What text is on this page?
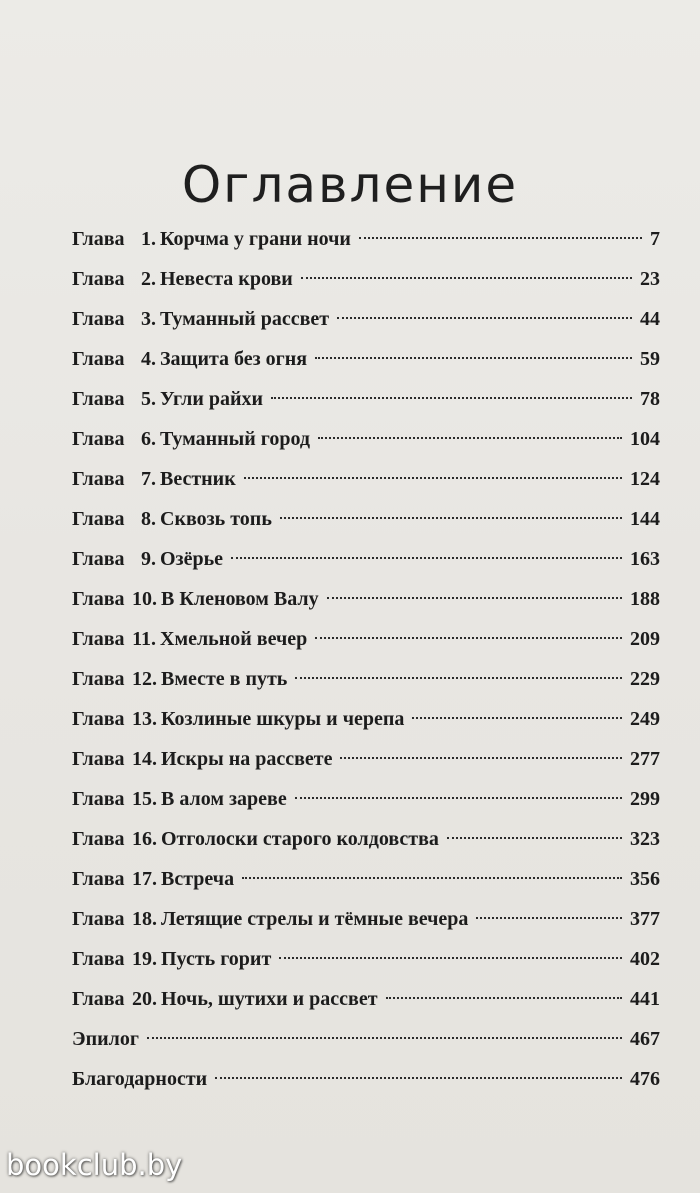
Оглавление
Глава 1. Корчма у грани ночи	7
Глава 2. Невеста крови	23
Глава 3. Туманный рассвет	44
Глава 4. Защита без огня	59
Глава 5. Угли райхи	78
Глава 6. Туманный город	104
Глава 7. Вестник	124
Глава 8. Сквозь топь	144
Глава 9. Озёрье	163
Глава 10. В Кленовом Валу	188
Глава 11. Хмельной вечер	209
Глава 12. Вместе в путь	229
Глава 13. Козлиные шкуры и черепа	249
Глава 14. Искры на рассвете	277
Глава 15. В алом зареве	299
Глава 16. Отголоски старого колдовства	323
Глава 17. Встреча	356
Глава 18. Летящие стрелы и тёмные вечера	377
Глава 19. Пусть горит	402
Глава 20. Ночь, шутихи и рассвет	441
Эпилог	467
Благодарности	476
bookclub.by
